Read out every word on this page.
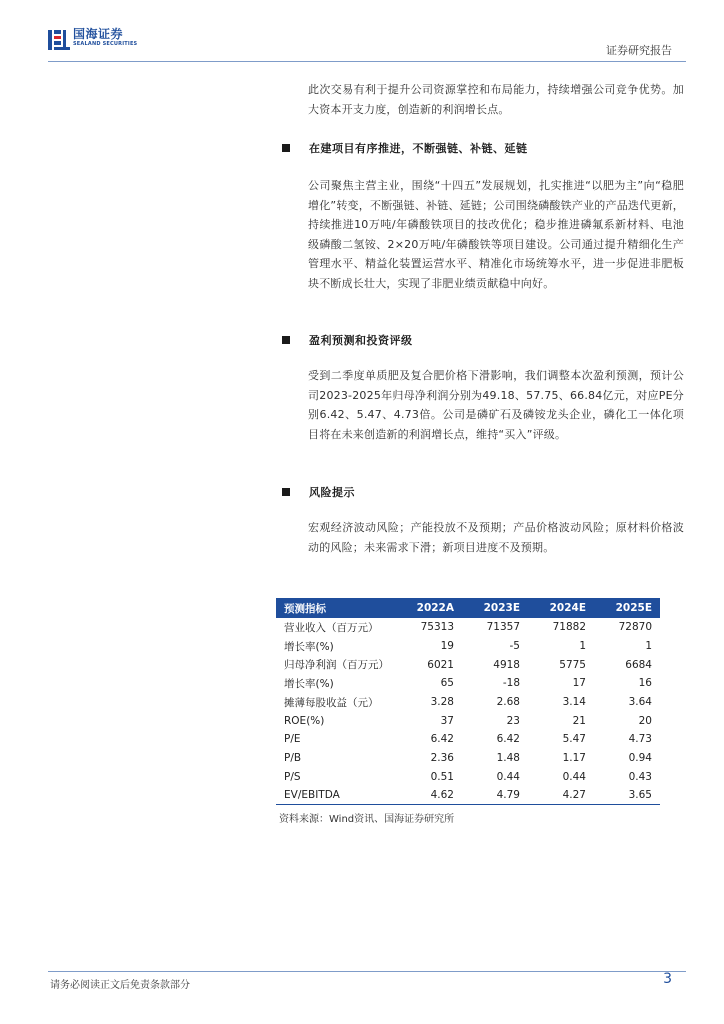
国海证券
SEALAND SECURITIES	证券研究报告

此次交易有利于提升公司资源掌控和布局能力，持续增强公司竞争优势。加大资本开支力度，创造新的利润增长点。

在建项目有序推进，不断强链、补链、延链

公司聚焦主营主业，围绕“十四五”发展规划，扎实推进“以肥为主”向“稳肥增化”转变，不断强链、补链、延链；公司围绕磷酸铁产业的产品迭代更新，持续推进10万吨/年磷酸铁项目的技改优化；稳步推进磷氟系新材料、电池级磷酸二氢铵、2×20万吨/年磷酸铁等项目建设。公司通过提升精细化生产管理水平、精益化装置运营水平、精准化市场统筹水平，进一步促进非肥板块不断成长壮大，实现了非肥业绩贡献稳中向好。

盈利预测和投资评级

受到二季度单质肥及复合肥价格下滑影响，我们调整本次盈利预测，预计公司2023-2025年归母净利润分别为49.18、57.75、66.84亿元，对应PE分别6.42、5.47、4.73倍。公司是磷矿石及磷铵龙头企业，磷化工一体化项目将在未来创造新的利润增长点，维持“买入”评级。

风险提示

宏观经济波动风险；产能投放不及预期；产品价格波动风险；原材料价格波动的风险；未来需求下滑；新项目进度不及预期。

预测指标	2022A	2023E	2024E	2025E
营业收入（百万元）	75313	71357	71882	72870
增长率(%)	19	-5	1	1
归母净利润（百万元）	6021	4918	5775	6684
增长率(%)	65	-18	17	16
摊薄每股收益（元）	3.28	2.68	3.14	3.64
ROE(%)	37	23	21	20
P/E	6.42	6.42	5.47	4.73
P/B	2.36	1.48	1.17	0.94
P/S	0.51	0.44	0.44	0.43
EV/EBITDA	4.62	4.79	4.27	3.65
资料来源：Wind资讯、国海证券研究所
请务必阅读正文后免责条款部分	3
